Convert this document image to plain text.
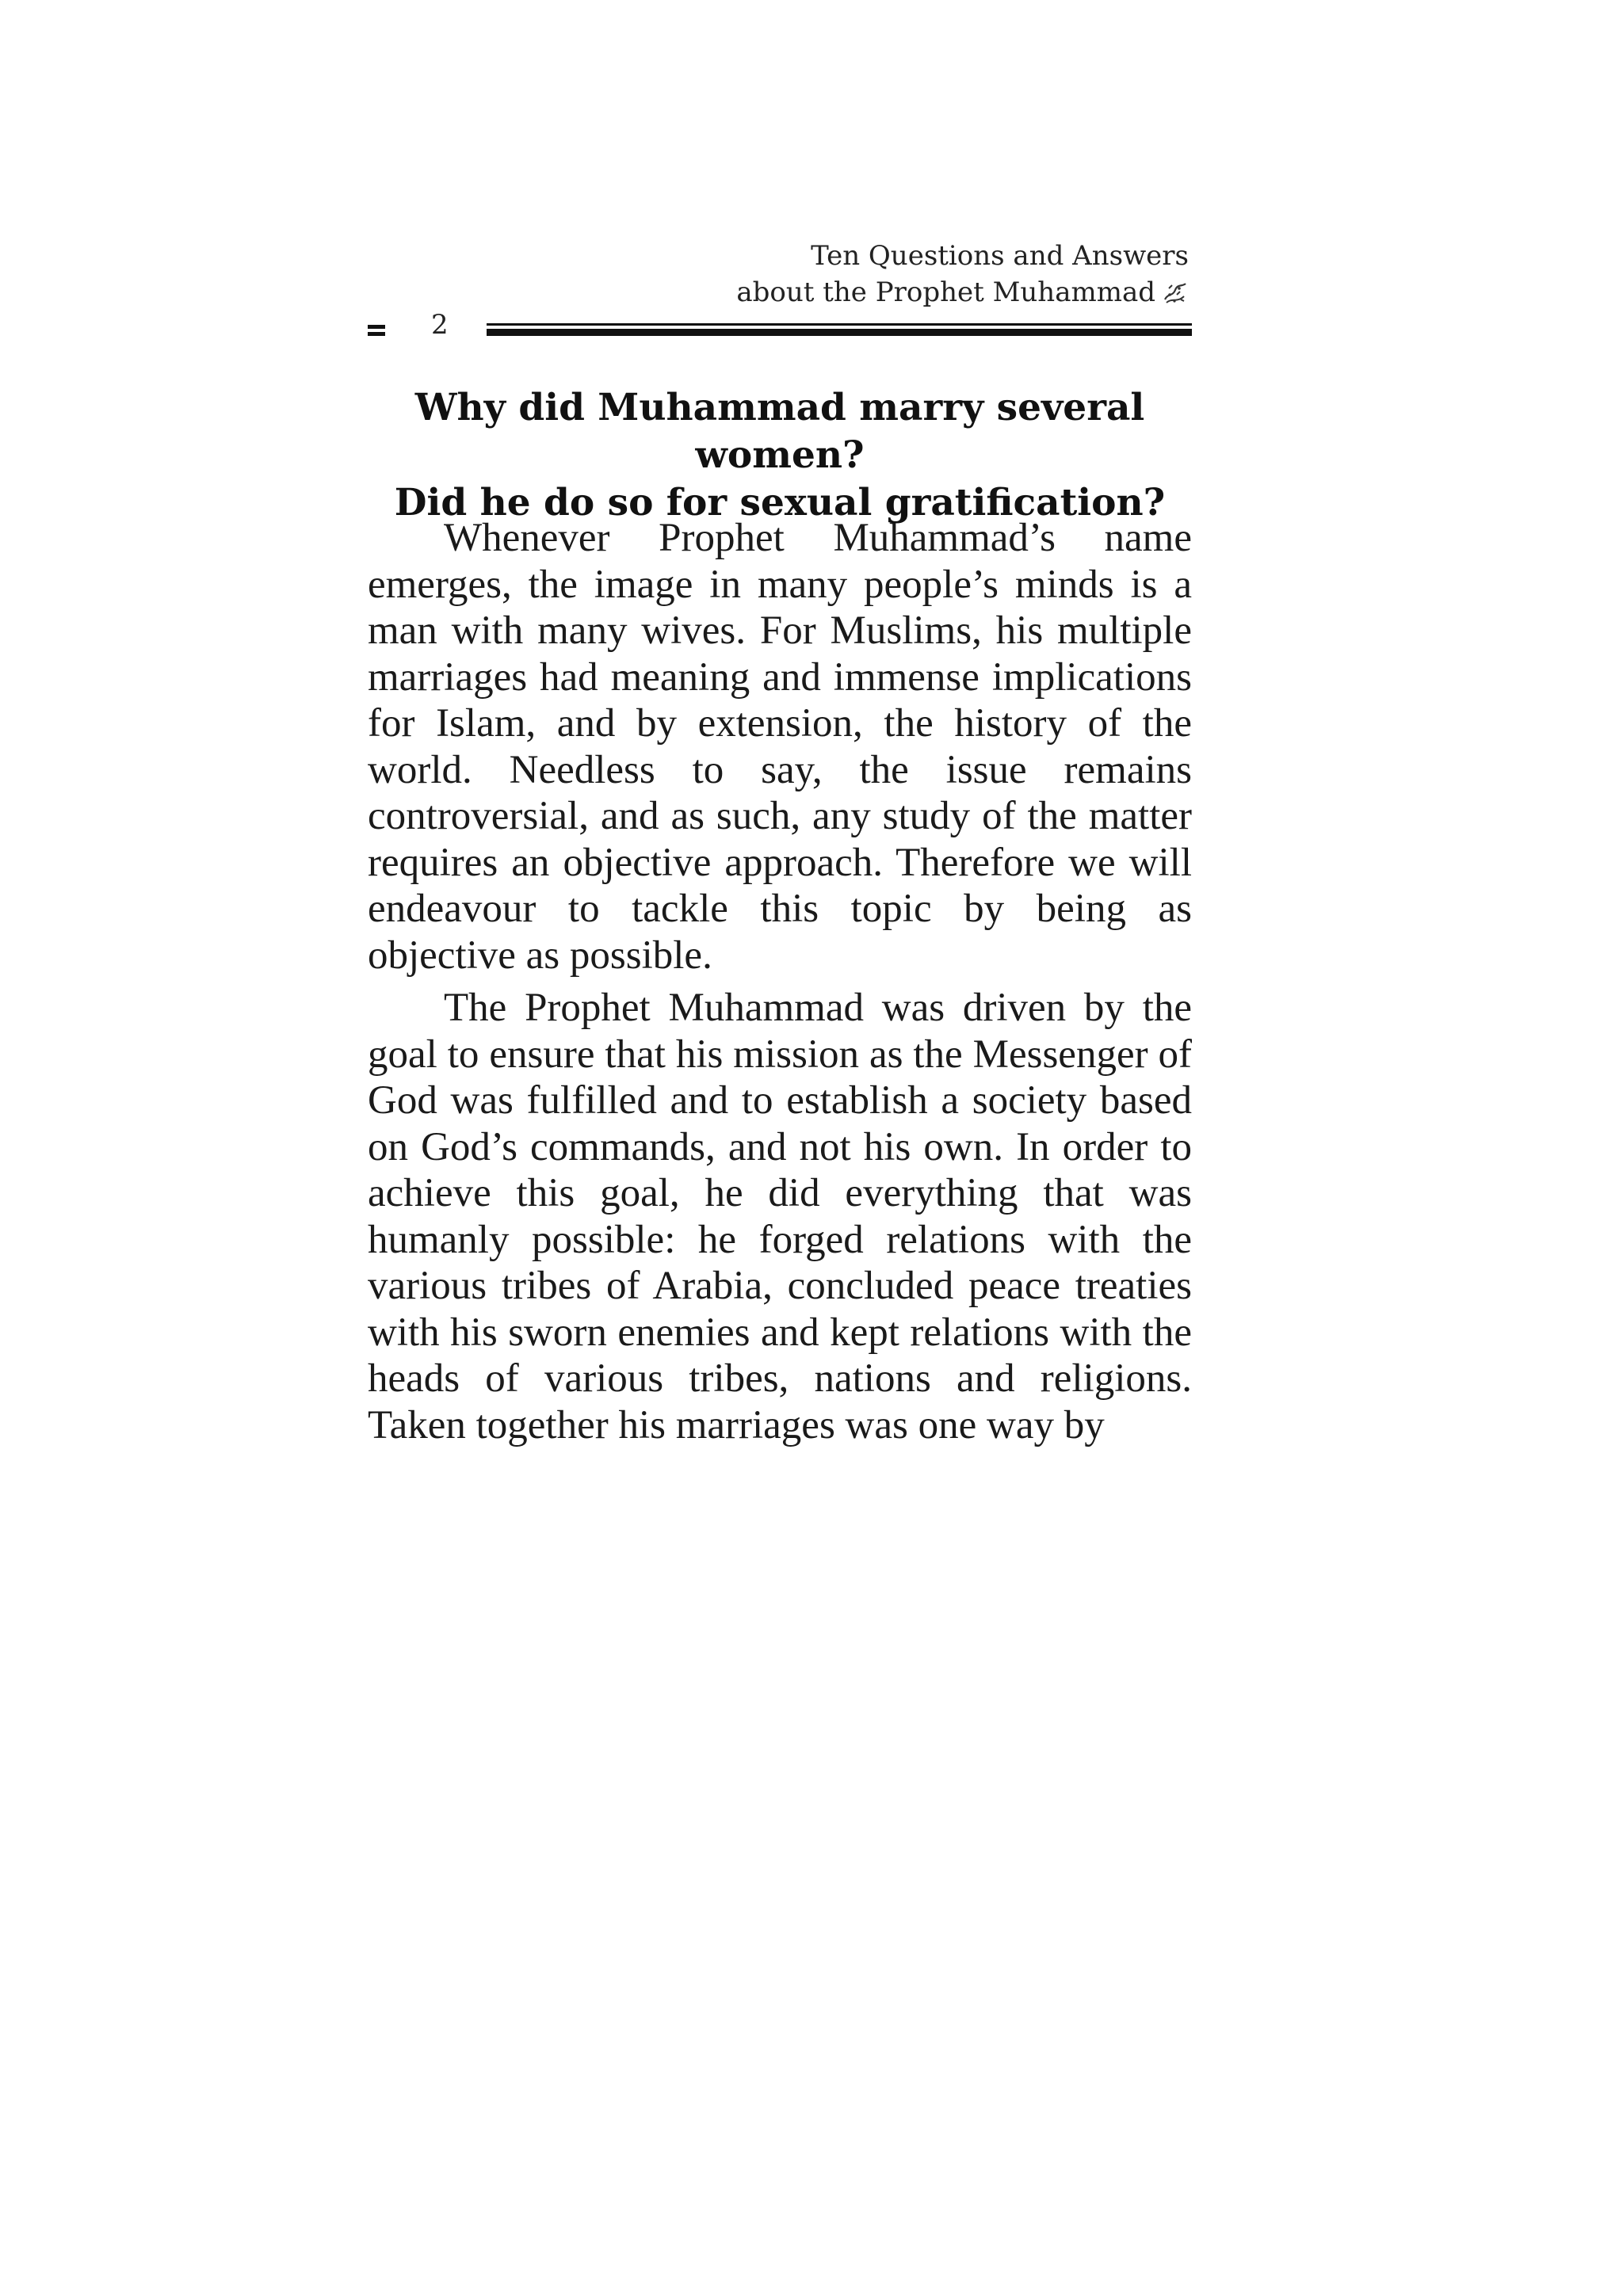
Ten Questions and Answers
about the Prophet Muhammad
2
Why did Muhammad marry several women?
Did he do so for sexual gratification?

Whenever Prophet Muhammad’s name emerges, the image in many people’s minds is a man with many wives. For Muslims, his multiple marriages had meaning and immense implications for Islam, and by extension, the history of the world. Needless to say, the issue remains controversial, and as such, any study of the matter requires an objective approach. Therefore we will endeavour to tackle this topic by being as objective as possible.

The Prophet Muhammad was driven by the goal to ensure that his mission as the Messenger of God was fulfilled and to establish a society based on God’s commands, and not his own. In order to achieve this goal, he did everything that was humanly possible: he forged relations with the various tribes of Arabia, concluded peace treaties with his sworn enemies and kept relations with the heads of various tribes, nations and religions. Taken together his marriages was one way by
